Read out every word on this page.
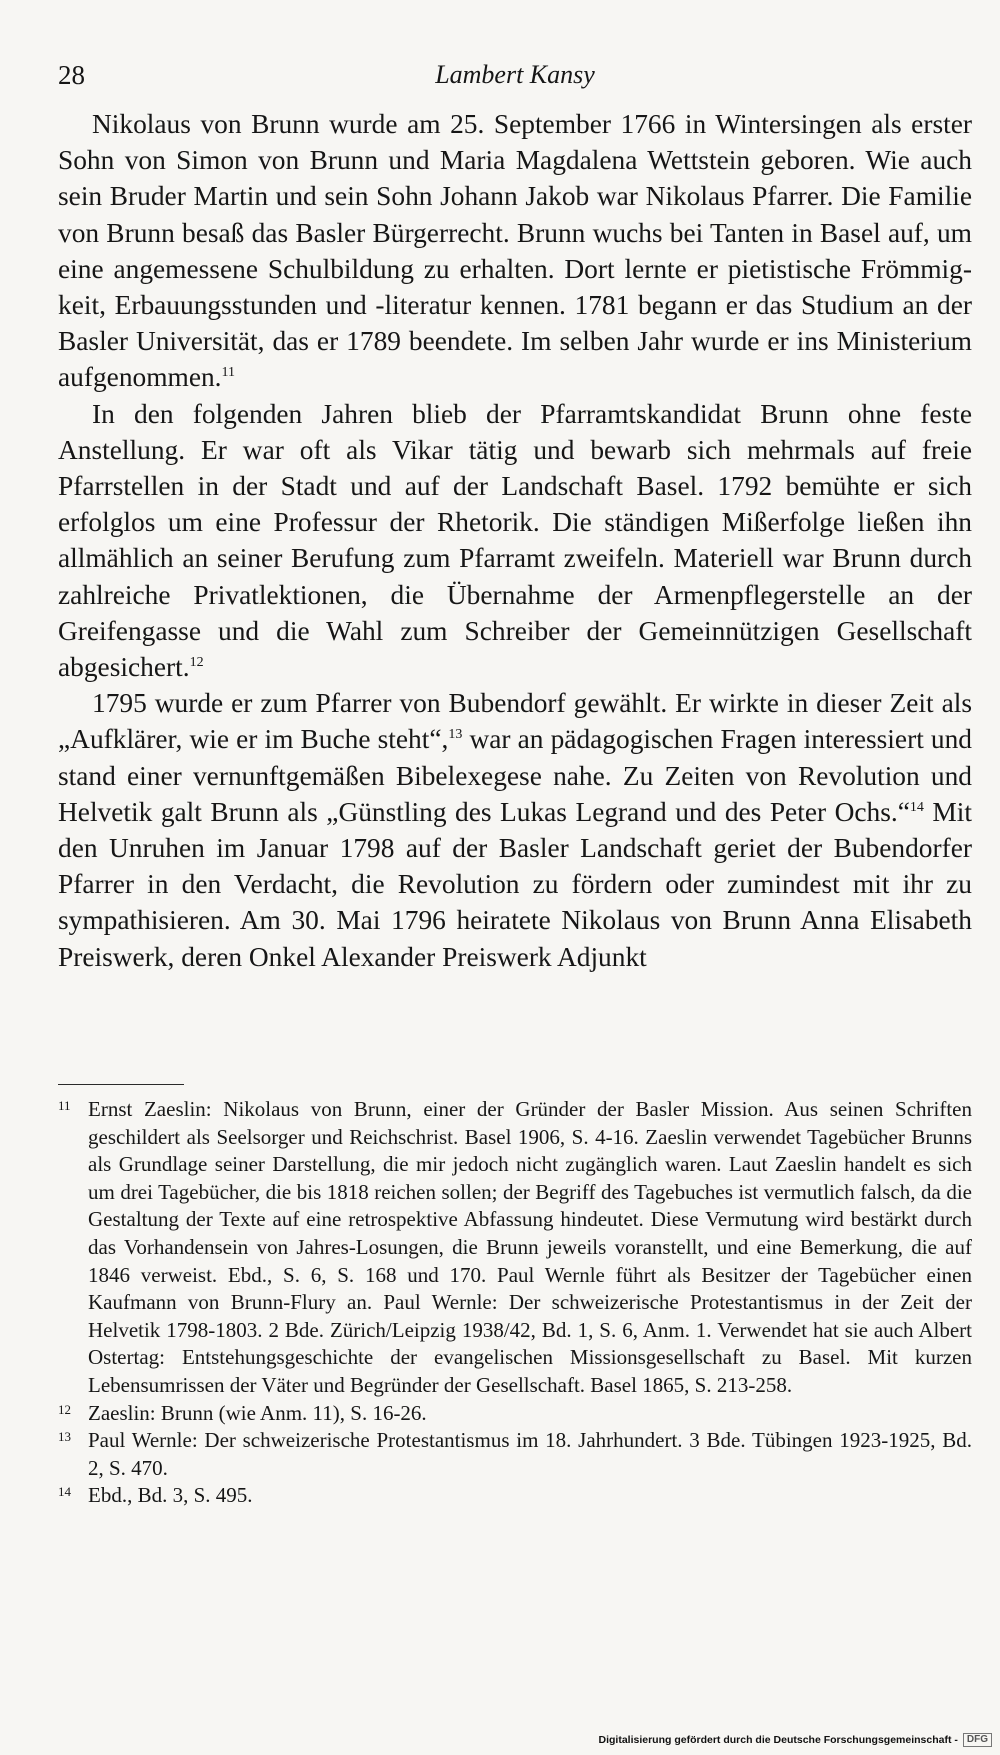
28	Lambert Kansy

Nikolaus von Brunn wurde am 25. September 1766 in Wintersingen als erster Sohn von Simon von Brunn und Maria Magdalena Wettstein geboren. Wie auch sein Bruder Martin und sein Sohn Johann Jakob war Nikolaus Pfarrer. Die Familie von Brunn besaß das Basler Bürgerrecht. Brunn wuchs bei Tanten in Basel auf, um eine angemessene Schulbildung zu erhalten. Dort lernte er pietistische Frömmigkeit, Erbauungsstunden und -literatur kennen. 1781 begann er das Studium an der Basler Universität, das er 1789 beendete. Im selben Jahr wurde er ins Ministerium aufgenommen.$^{11}$

In den folgenden Jahren blieb der Pfarramtskandidat Brunn ohne feste Anstellung. Er war oft als Vikar tätig und bewarb sich mehrmals auf freie Pfarrstellen in der Stadt und auf der Landschaft Basel. 1792 bemühte er sich erfolglos um eine Professur der Rhetorik. Die ständigen Mißerfolge ließen ihn allmählich an seiner Berufung zum Pfarramt zweifeln. Materiell war Brunn durch zahlreiche Privatlektionen, die Übernahme der Armenpflegerstelle an der Greifengasse und die Wahl zum Schreiber der Gemeinnützigen Gesellschaft abgesichert.$^{12}$

1795 wurde er zum Pfarrer von Bubendorf gewählt. Er wirkte in dieser Zeit als „Aufklärer, wie er im Buche steht“,$^{13}$ war an pädagogischen Fragen interessiert und stand einer vernunftgemäßen Bibelexegese nahe. Zu Zeiten von Revolution und Helvetik galt Brunn als „Günstling des Lukas Legrand und des Peter Ochs.“$^{14}$ Mit den Unruhen im Januar 1798 auf der Basler Landschaft geriet der Bubendorfer Pfarrer in den Verdacht, die Revolution zu fördern oder zumindest mit ihr zu sympathisieren. Am 30. Mai 1796 heiratete Nikolaus von Brunn Anna Elisabeth Preiswerk, deren Onkel Alexander Preiswerk Adjunkt

11 Ernst Zaeslin: Nikolaus von Brunn, einer der Gründer der Basler Mission. Aus seinen Schriften geschildert als Seelsorger und Reichschrist. Basel 1906, S. 4-16. Zaeslin verwendet Tagebücher Brunns als Grundlage seiner Darstellung, die mir jedoch nicht zugänglich waren. Laut Zaeslin handelt es sich um drei Tagebücher, die bis 1818 reichen sollen; der Begriff des Tagebuches ist vermutlich falsch, da die Gestaltung der Texte auf eine retrospektive Abfassung hindeutet. Diese Vermutung wird bestärkt durch das Vorhandensein von Jahres-Losungen, die Brunn jeweils voranstellt, und eine Bemerkung, die auf 1846 verweist. Ebd., S. 6, S. 168 und 170. Paul Wernle führt als Besitzer der Tagebücher einen Kaufmann von Brunn-Flury an. Paul Wernle: Der schweizerische Protestantismus in der Zeit der Helvetik 1798-1803. 2 Bde. Zürich/Leipzig 1938/42, Bd. 1, S. 6, Anm. 1. Verwendet hat sie auch Albert Ostertag: Entstehungsgeschichte der evangelischen Missionsgesellschaft zu Basel. Mit kurzen Lebensumrissen der Väter und Begründer der Gesellschaft. Basel 1865, S. 213-258.
12 Zaeslin: Brunn (wie Anm. 11), S. 16-26.
13 Paul Wernle: Der schweizerische Protestantismus im 18. Jahrhundert. 3 Bde. Tübingen 1923-1925, Bd. 2, S. 470.
14 Ebd., Bd. 3, S. 495.
Digitalisierung gefördert durch die Deutsche Forschungsgemeinschaft - DFG
